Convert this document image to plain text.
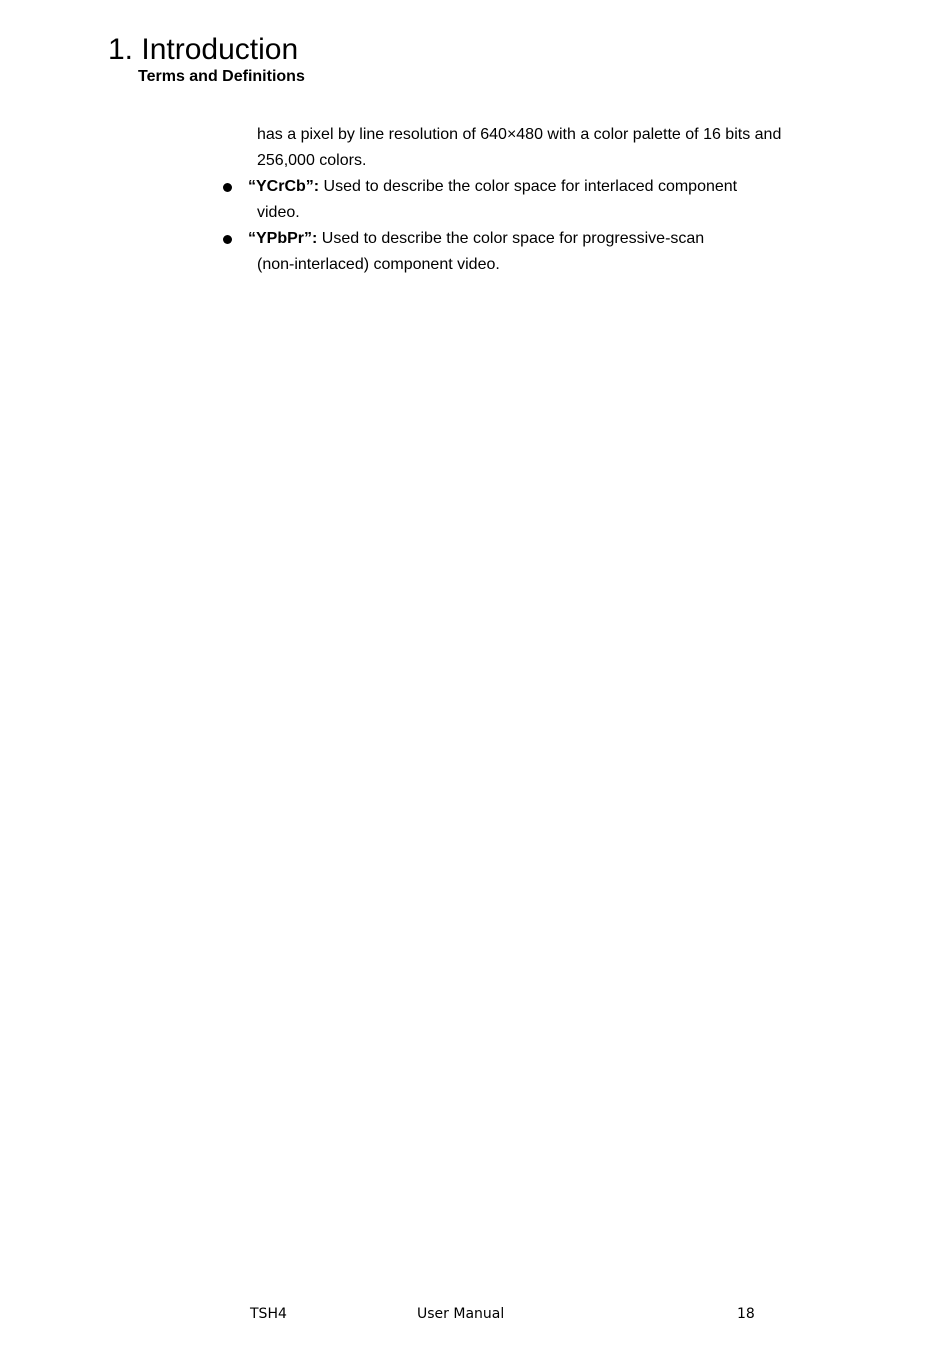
1. Introduction
Terms and Definitions

has a pixel by line resolution of 640×480 with a color palette of 16 bits and 256,000 colors.

“YCrCb”: Used to describe the color space for interlaced component
video.
“YPbPr”: Used to describe the color space for progressive-scan
(non-interlaced) component video.
TSH4	User Manual	18
